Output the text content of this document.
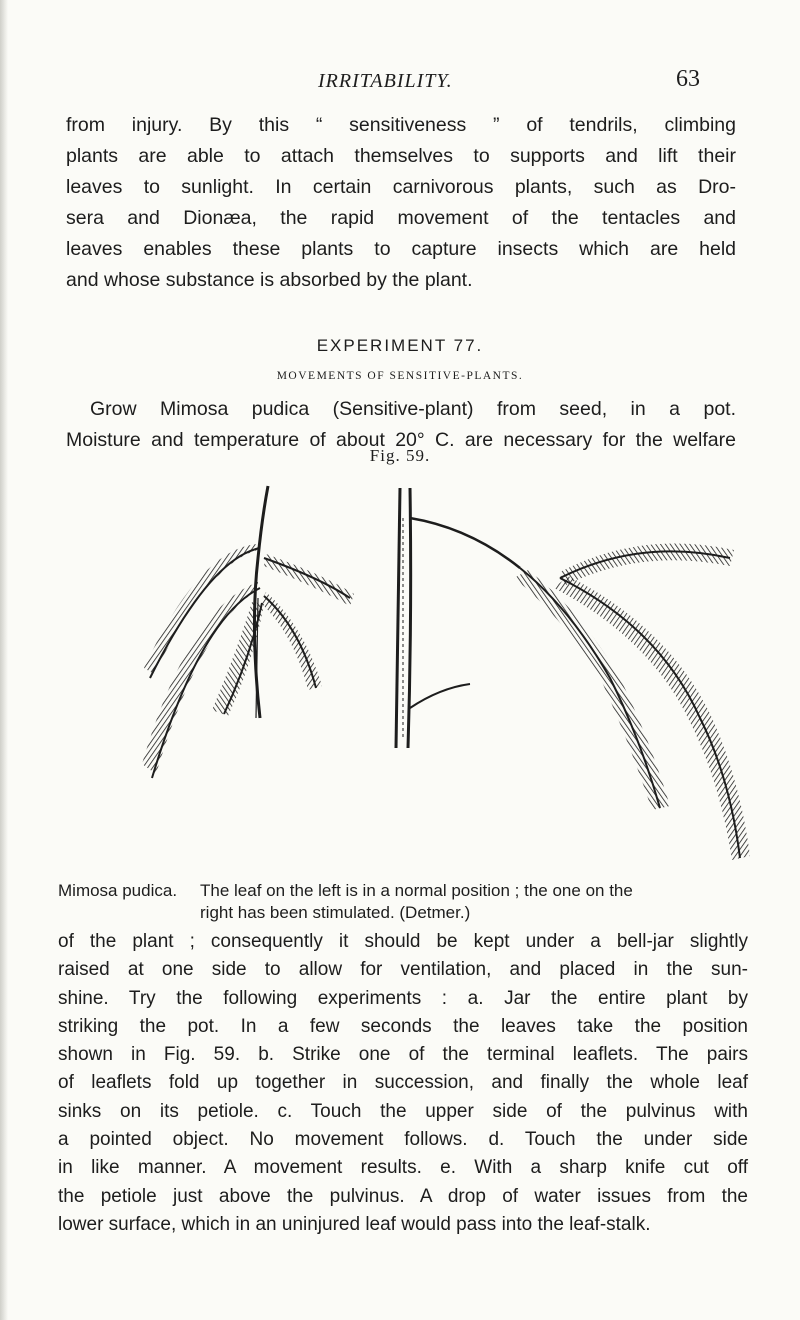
IRRITABILITY.	63
from injury. By this “ sensitiveness ” of tendrils, climbing
plants are able to attach themselves to supports and lift their
leaves to sunlight. In certain carnivorous plants, such as Dro-
sera and Dionæa, the rapid movement of the tentacles and
leaves enables these plants to capture insects which are held
and whose substance is absorbed by the plant.
EXPERIMENT 77.
MOVEMENTS OF SENSITIVE-PLANTS.
Grow Mimosa pudica (Sensitive-plant) from seed, in a pot.
Moisture and temperature of about 20° C. are necessary for the welfare
Fig. 59.
Mimosa pudica. The leaf on the left is in a normal position ; the one on the
right has been stimulated. (Detmer.)
of the plant ; consequently it should be kept under a bell-jar slightly
raised at one side to allow for ventilation, and placed in the sun-
shine. Try the following experiments : a. Jar the entire plant by
striking the pot. In a few seconds the leaves take the position
shown in Fig. 59. b. Strike one of the terminal leaflets. The pairs
of leaflets fold up together in succession, and finally the whole leaf
sinks on its petiole. c. Touch the upper side of the pulvinus with
a pointed object. No movement follows. d. Touch the under side
in like manner. A movement results. e. With a sharp knife cut off
the petiole just above the pulvinus. A drop of water issues from the
lower surface, which in an uninjured leaf would pass into the leaf-stalk.
